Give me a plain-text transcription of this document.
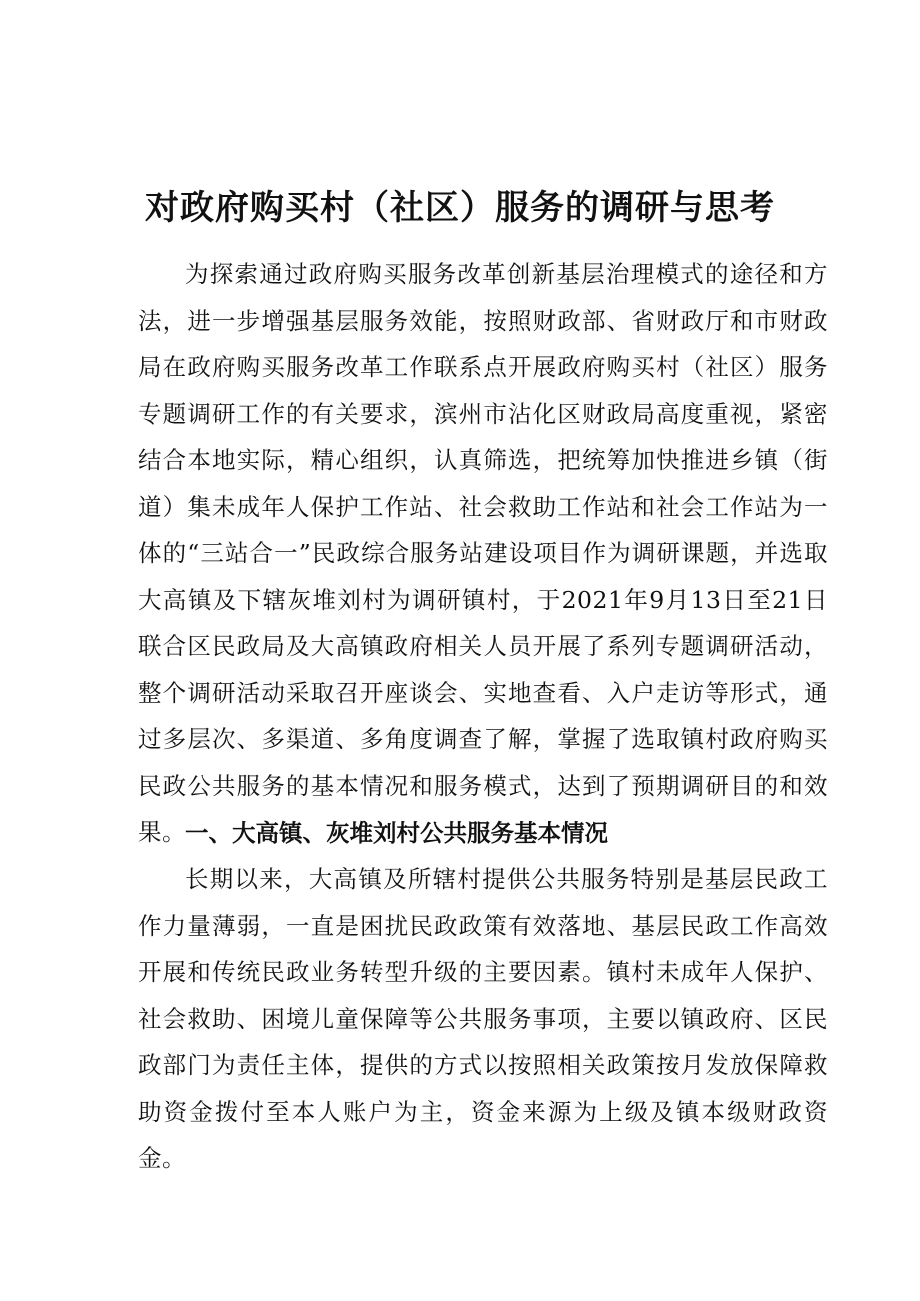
对政府购买村（社区）服务的调研与思考

为探索通过政府购买服务改革创新基层治理模式的途径和方法，进一步增强基层服务效能，按照财政部、省财政厅和市财政局在政府购买服务改革工作联系点开展政府购买村（社区）服务专题调研工作的有关要求，滨州市沾化区财政局高度重视，紧密结合本地实际，精心组织，认真筛选，把统筹加快推进乡镇（街道）集未成年人保护工作站、社会救助工作站和社会工作站为一体的“三站合一”民政综合服务站建设项目作为调研课题，并选取大高镇及下辖灰堆刘村为调研镇村，于2021年9月13日至21日联合区民政局及大高镇政府相关人员开展了系列专题调研活动，整个调研活动采取召开座谈会、实地查看、入户走访等形式，通过多层次、多渠道、多角度调查了解，掌握了选取镇村政府购买民政公共服务的基本情况和服务模式，达到了预期调研目的和效果。 一、大高镇、灰堆刘村公共服务基本情况

长期以来，大高镇及所辖村提供公共服务特别是基层民政工作力量薄弱，一直是困扰民政政策有效落地、基层民政工作高效开展和传统民政业务转型升级的主要因素。镇村未成年人保护、社会救助、困境儿童保障等公共服务事项，主要以镇政府、区民政部门为责任主体，提供的方式以按照相关政策按月发放保障救助资金拨付至本人账户为主，资金来源为上级及镇本级财政资金。
